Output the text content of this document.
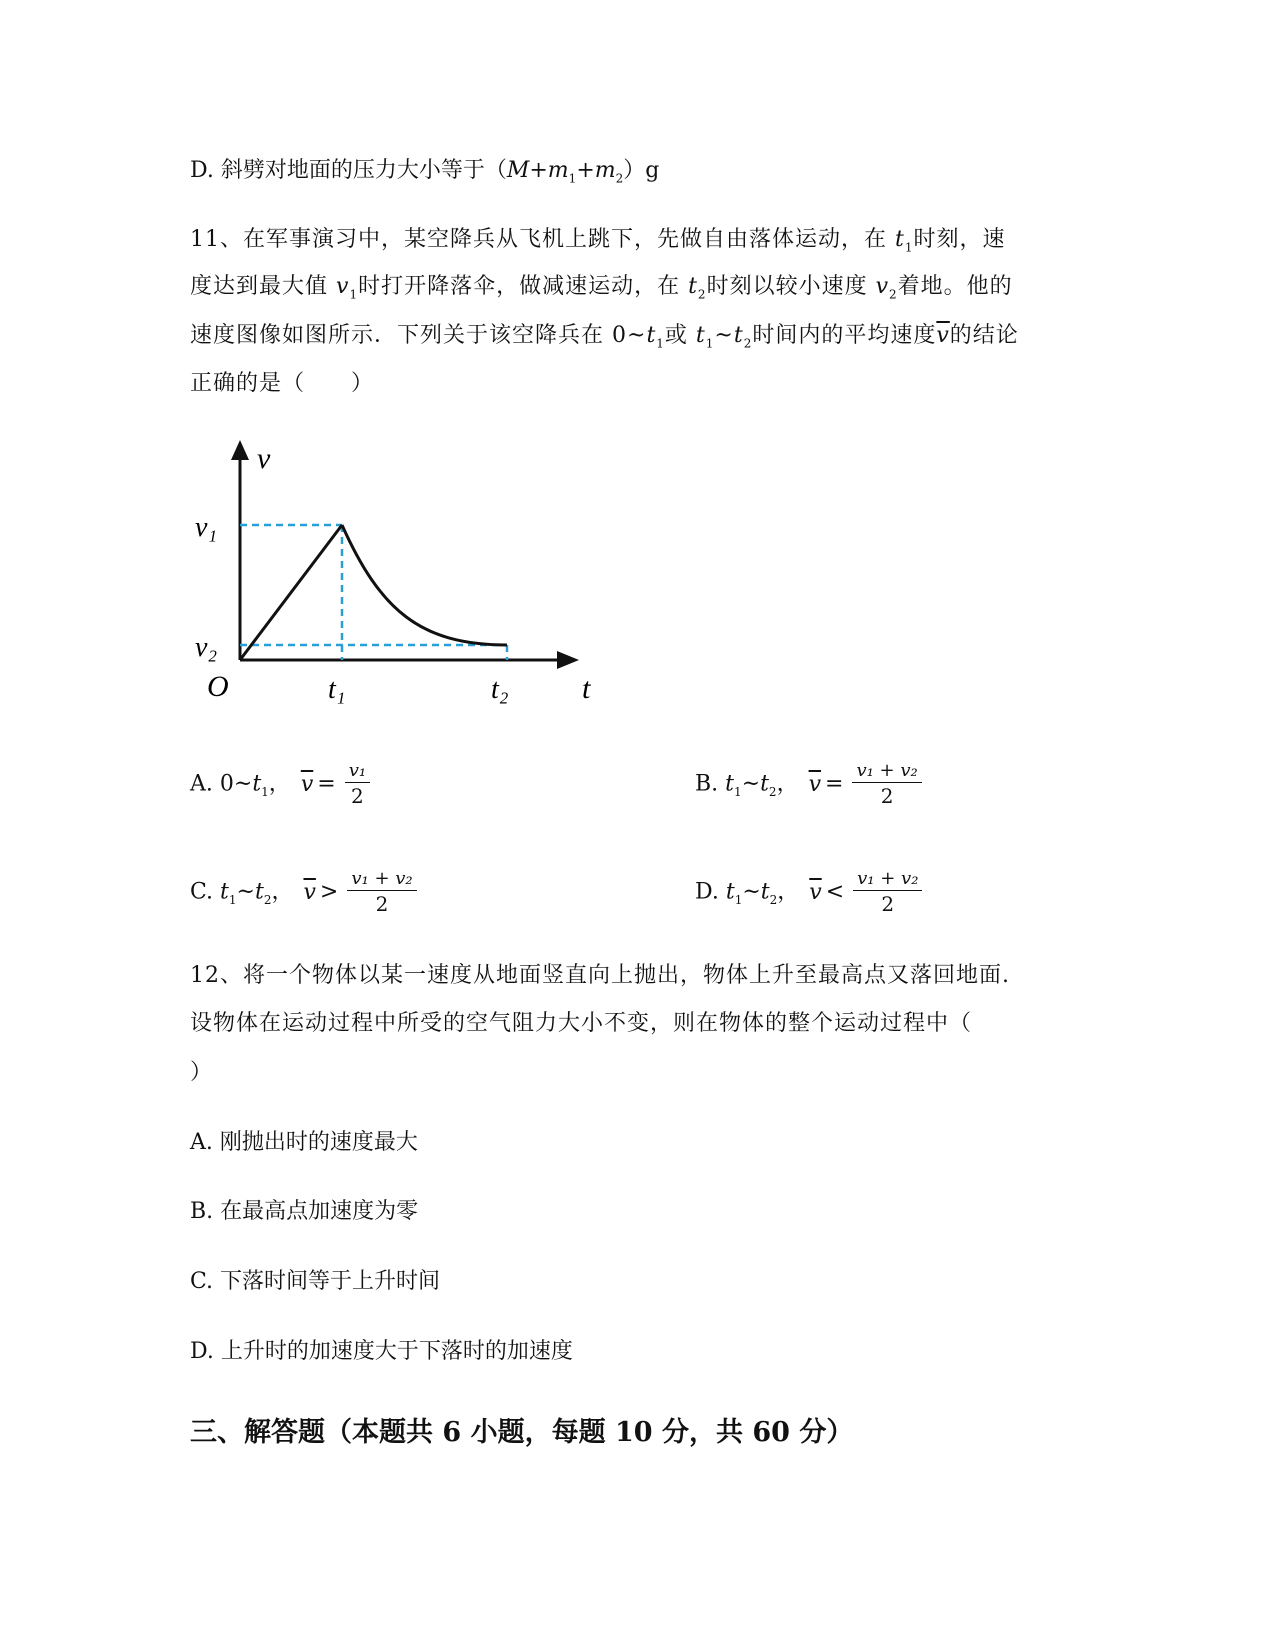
D. 斜劈对地面的压力大小等于$(M+m_1+m_2)g$
11、在军事演习中，某空降兵从飞机上跳下，先做自由落体运动，在 $t_1$时刻，速
度达到最大值 $v_1$时打开降落伞，做减速运动，在 $t_2$时刻以较小速度 $v_2$着地。他的
速度图像如图所示．下列关于该空降兵在 $0\sim t_1$或 $t_1\sim t_2$时间内的平均速度$\overline{v}$的结论
正确的是（　　）
v
t
O
v₁
v₂
t₁	t₂
A. $0\sim t_1$， $\overline{v} = \frac{\text{v₁}}{2}$	B. $t_1\sim t_2$， $\overline{v} = \frac{\text{v₁ + v₂}}{2}$
C. $t_1\sim t_2$， $\overline{v} > \frac{\text{v₁ + v₂}}{2}$	D. $t_1\sim t_2$， $\overline{v} < \frac{\text{v₁ + v₂}}{2}$
12、将一个物体以某一速度从地面竖直向上抛出，物体上升至最高点又落回地面.
设物体在运动过程中所受的空气阻力大小不变，则在物体的整个运动过程中（
）
A. 刚抛出时的速度最大
B. 在最高点加速度为零
C. 下落时间等于上升时间
D. 上升时的加速度大于下落时的加速度
三、解答题（本题共 6 小题，每题 10 分，共 60 分）
